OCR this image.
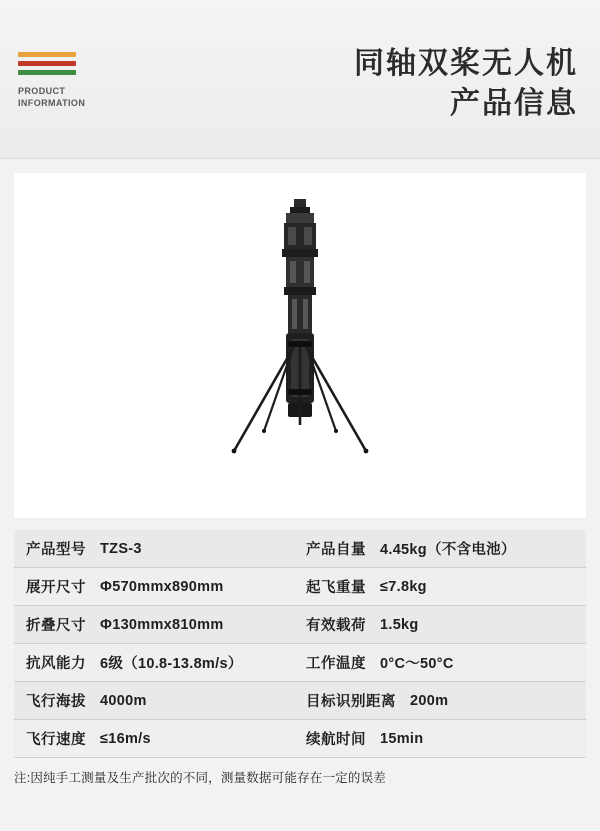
PRODUCT
INFORMATION
同轴双桨无人机
产品信息
产品型号 TZS-3	产品自量 4.45kg（不含电池）
展开尺寸 Φ570mmx890mm	起飞重量 ≤7.8kg
折叠尺寸 Φ130mmx810mm	有效载荷 1.5kg
抗风能力 6级（10.8-13.8m/s）	工作温度 0°C～50°C
飞行海拔 4000m	目标识别距离 200m
飞行速度 ≤16m/s	续航时间 15min
注:因纯手工测量及生产批次的不同，测量数据可能存在一定的误差
